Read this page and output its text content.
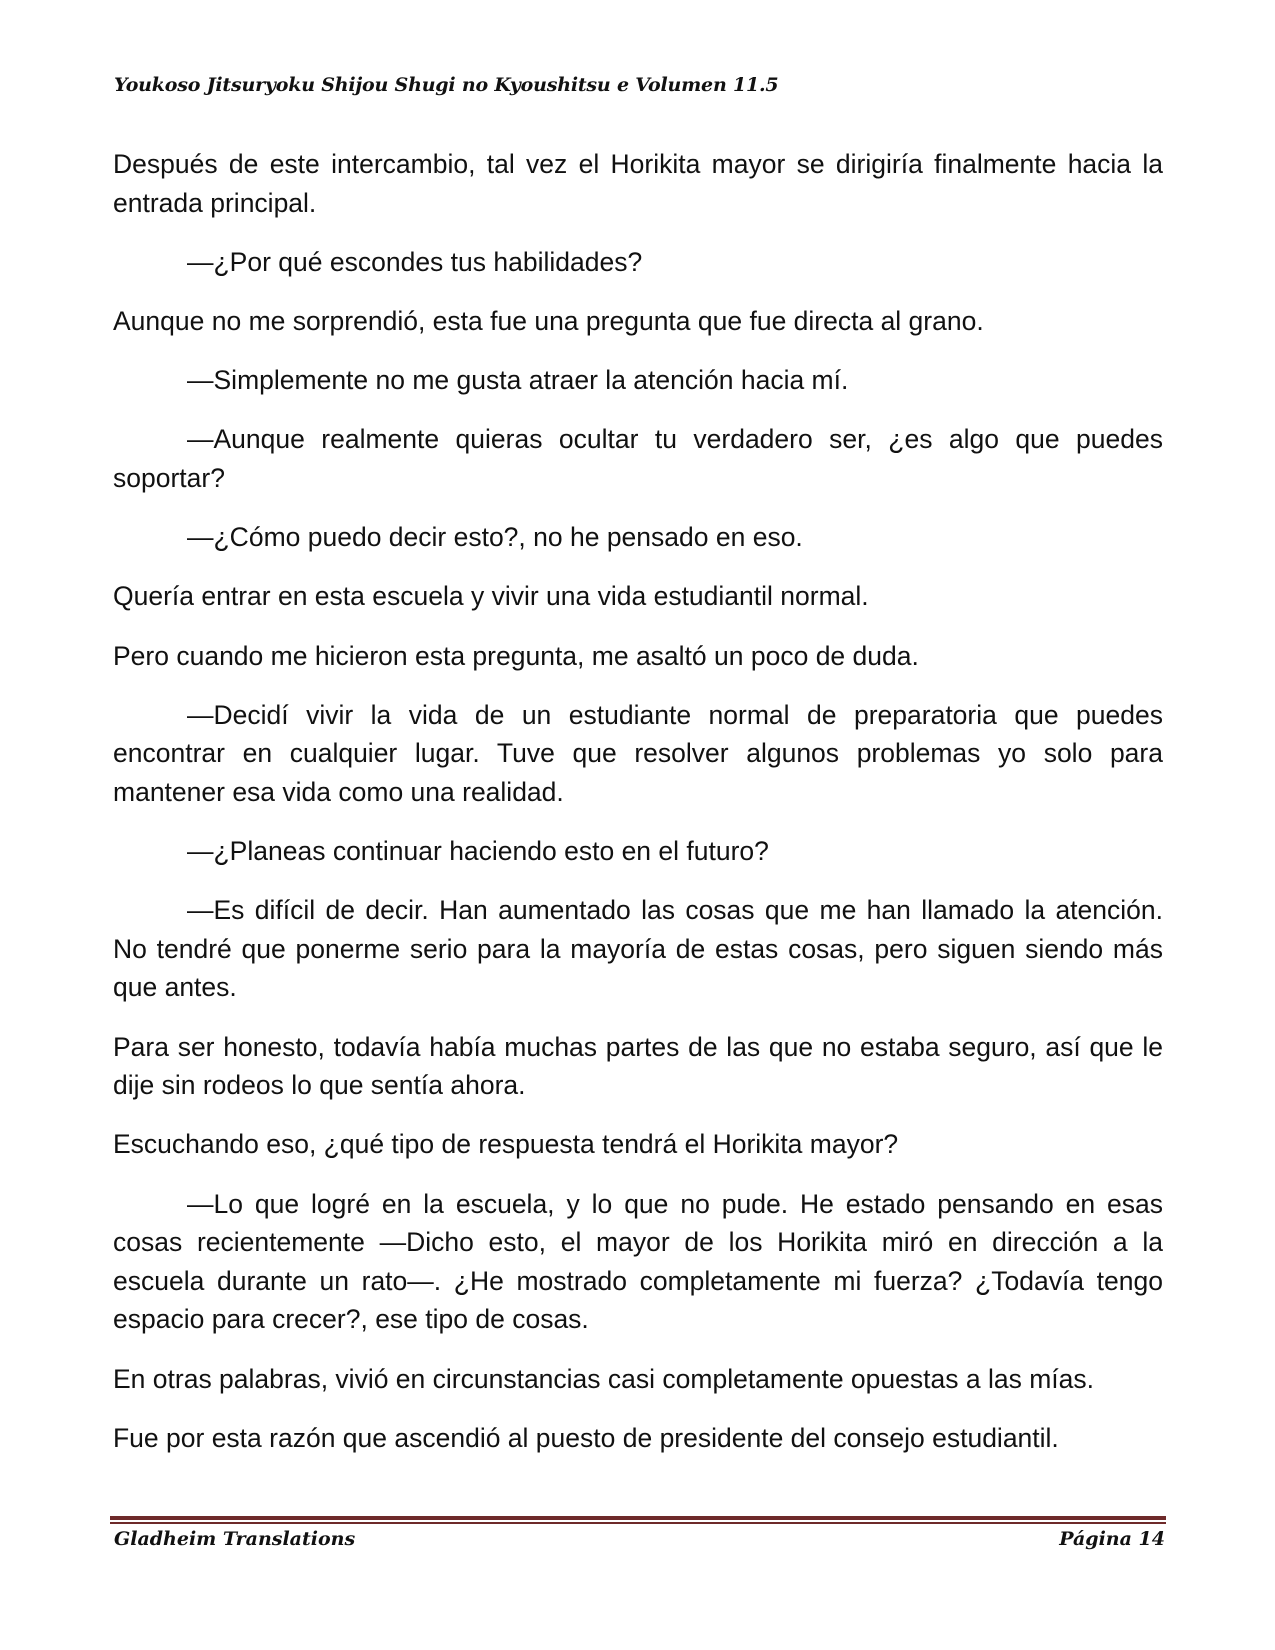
Youkoso Jitsuryoku Shijou Shugi no Kyoushitsu e Volumen 11.5

Después de este intercambio, tal vez el Horikita mayor se dirigiría finalmente hacia la entrada principal.

—¿Por qué escondes tus habilidades?

Aunque no me sorprendió, esta fue una pregunta que fue directa al grano.

—Simplemente no me gusta atraer la atención hacia mí.

—Aunque realmente quieras ocultar tu verdadero ser, ¿es algo que puedes soportar?

—¿Cómo puedo decir esto?, no he pensado en eso.

Quería entrar en esta escuela y vivir una vida estudiantil normal.

Pero cuando me hicieron esta pregunta, me asaltó un poco de duda.

—Decidí vivir la vida de un estudiante normal de preparatoria que puedes encontrar en cualquier lugar. Tuve que resolver algunos problemas yo solo para mantener esa vida como una realidad.

—¿Planeas continuar haciendo esto en el futuro?

—Es difícil de decir. Han aumentado las cosas que me han llamado la atención. No tendré que ponerme serio para la mayoría de estas cosas, pero siguen siendo más que antes.

Para ser honesto, todavía había muchas partes de las que no estaba seguro, así que le dije sin rodeos lo que sentía ahora.

Escuchando eso, ¿qué tipo de respuesta tendrá el Horikita mayor?

—Lo que logré en la escuela, y lo que no pude. He estado pensando en esas cosas recientemente —Dicho esto, el mayor de los Horikita miró en dirección a la escuela durante un rato—. ¿He mostrado completamente mi fuerza? ¿Todavía tengo espacio para crecer?, ese tipo de cosas.

En otras palabras, vivió en circunstancias casi completamente opuestas a las mías.

Fue por esta razón que ascendió al puesto de presidente del consejo estudiantil.

Gladheim Translations	Página 14
